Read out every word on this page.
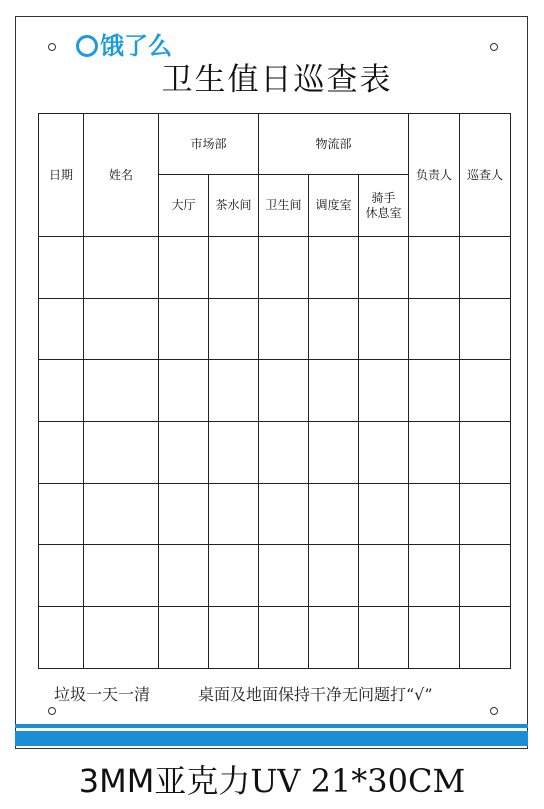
饿了么
卫生值日巡查表
日期	姓名	市场部		物流部			负责人	巡查人
		大厅	茶水间	卫生间	调度室	骑手
休息室		

垃圾一天一清	桌面及地面保持干净无问题打“√”
3MM亚克力UV 21*30CM
